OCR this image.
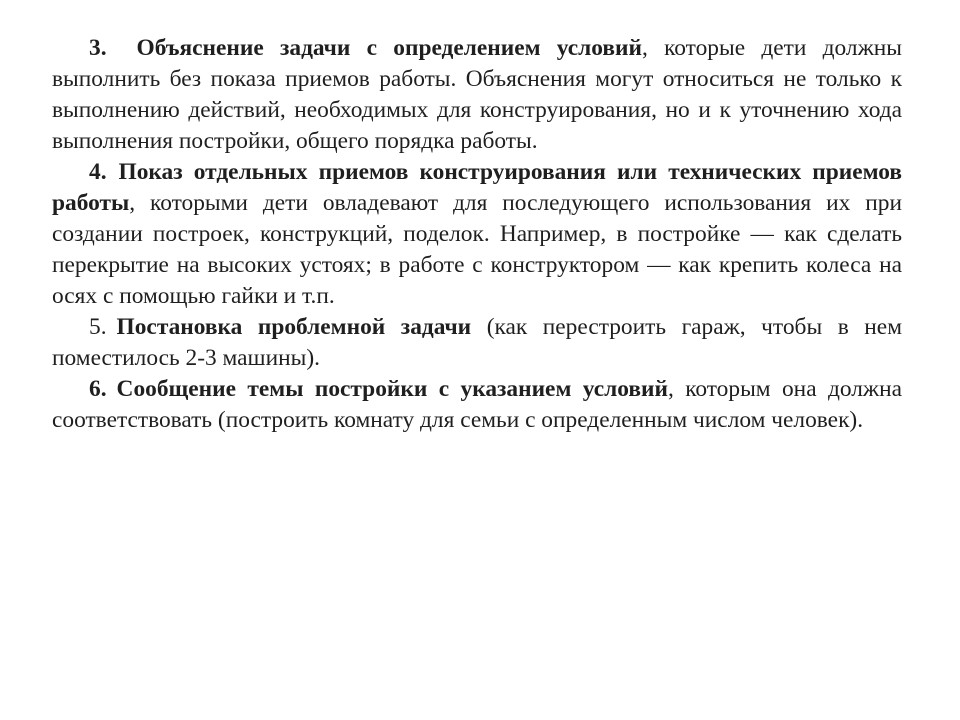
3. Объяснение задачи с определением условий, которые дети должны выполнить без показа приемов работы. Объяснения могут относиться не только к выполнению действий, необходимых для конструирования, но и к уточнению хода выполнения постройки, общего порядка работы.

4. Показ отдельных приемов конструирования или технических приемов работы, которыми дети овладевают для последующего использования их при создании построек, конструкций, поделок. Например, в постройке — как сделать перекрытие на высоких устоях; в работе с конструктором — как крепить колеса на осях с помощью гайки и т.п.

5. Постановка проблемной задачи (как перестроить гараж, чтобы в нем поместилось 2-3 машины).

6. Сообщение темы постройки с указанием условий, которым она должна соответствовать (построить комнату для семьи с определенным числом человек).
